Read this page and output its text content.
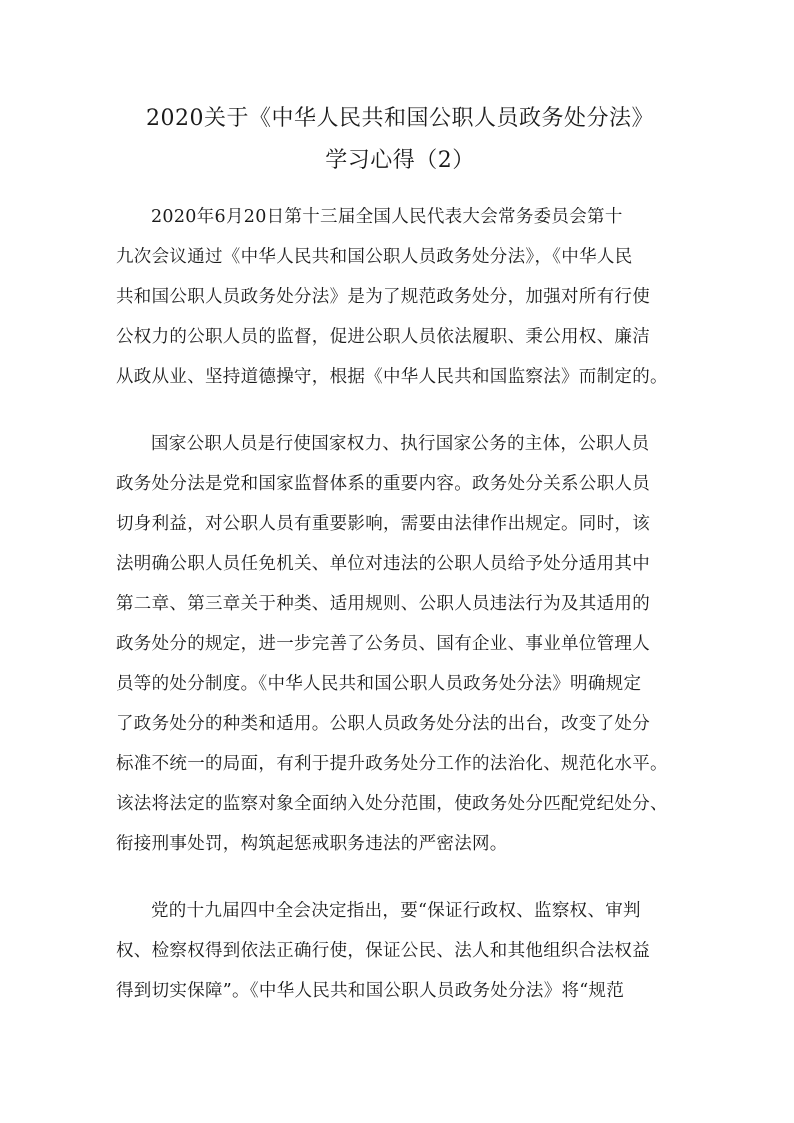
2020关于《中华人民共和国公职人员政务处分法》
学习心得（2）
2020年6月20日第十三届全国人民代表大会常务委员会第十
九次会议通过《中华人民共和国公职人员政务处分法》，《中华人民
共和国公职人员政务处分法》是为了规范政务处分，加强对所有行使
公权力的公职人员的监督，促进公职人员依法履职、秉公用权、廉洁
从政从业、坚持道德操守，根据《中华人民共和国监察法》而制定的。
国家公职人员是行使国家权力、执行国家公务的主体，公职人员
政务处分法是党和国家监督体系的重要内容。政务处分关系公职人员
切身利益，对公职人员有重要影响，需要由法律作出规定。同时，该
法明确公职人员任免机关、单位对违法的公职人员给予处分适用其中
第二章、第三章关于种类、适用规则、公职人员违法行为及其适用的
政务处分的规定，进一步完善了公务员、国有企业、事业单位管理人
员等的处分制度。《中华人民共和国公职人员政务处分法》明确规定
了政务处分的种类和适用。公职人员政务处分法的出台，改变了处分
标准不统一的局面，有利于提升政务处分工作的法治化、规范化水平。
该法将法定的监察对象全面纳入处分范围，使政务处分匹配党纪处分、
衔接刑事处罚，构筑起惩戒职务违法的严密法网。
党的十九届四中全会决定指出，要“保证行政权、监察权、审判
权、检察权得到依法正确行使，保证公民、法人和其他组织合法权益
得到切实保障”。《中华人民共和国公职人员政务处分法》将“规范
